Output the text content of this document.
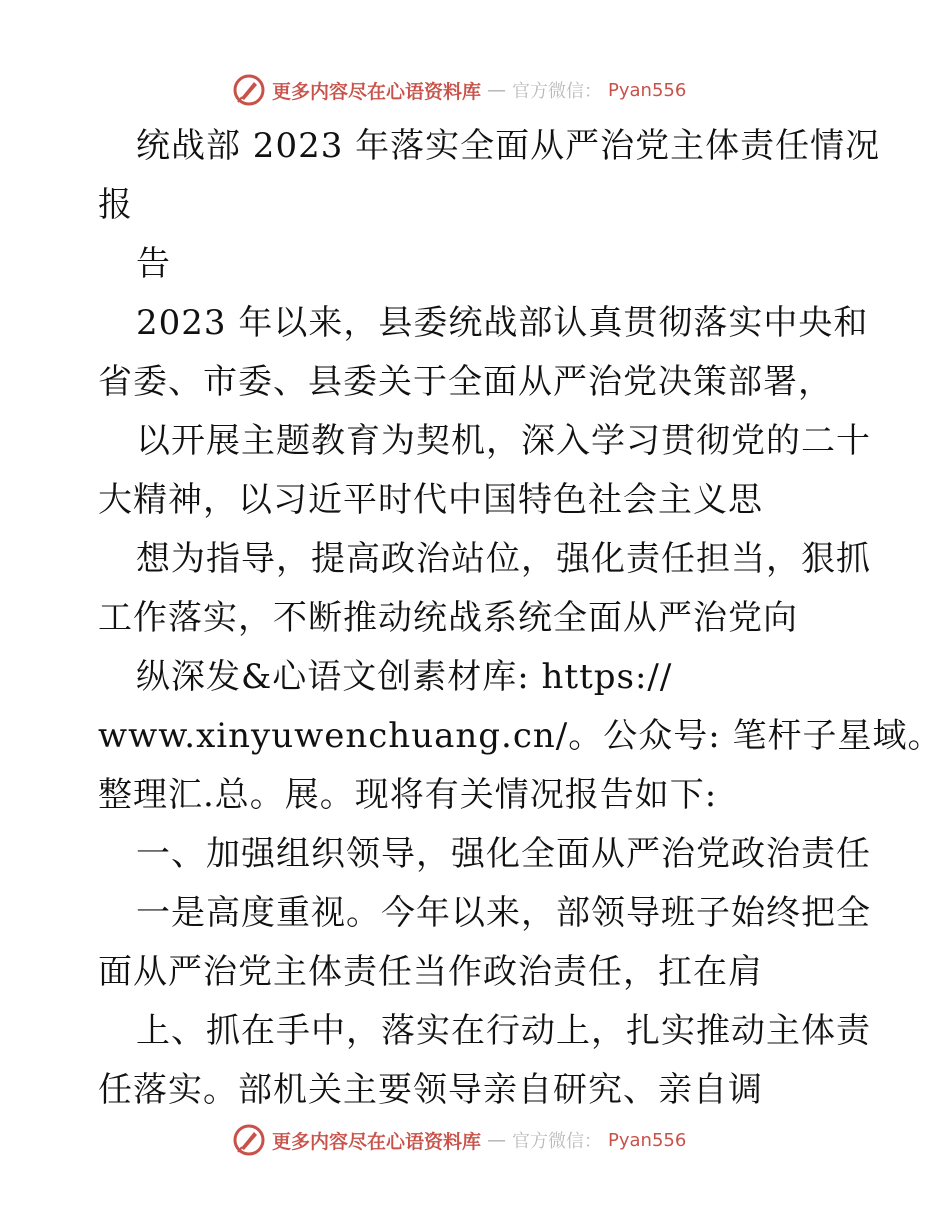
更多内容尽在心语资料库 — 官方微信： Pyan556
统战部 2023 年落实全面从严治党主体责任情况
报
告
2023 年以来，县委统战部认真贯彻落实中央和
省委、市委、县委关于全面从严治党决策部署，
以开展主题教育为契机，深入学习贯彻党的二十
大精神，以习近平时代中国特色社会主义思
想为指导，提高政治站位，强化责任担当，狠抓
工作落实，不断推动统战系统全面从严治党向
纵深发&心语文创素材库: https://
www.xinyuwenchuang.cn/。公众号: 笔杆子星域。
整理汇.总。展。现将有关情况报告如下:
一、加强组织领导，强化全面从严治党政治责任
一是高度重视。今年以来，部领导班子始终把全
面从严治党主体责任当作政治责任，扛在肩
上、抓在手中，落实在行动上，扎实推动主体责
任落实。部机关主要领导亲自研究、亲自调
更多内容尽在心语资料库 — 官方微信： Pyan556
